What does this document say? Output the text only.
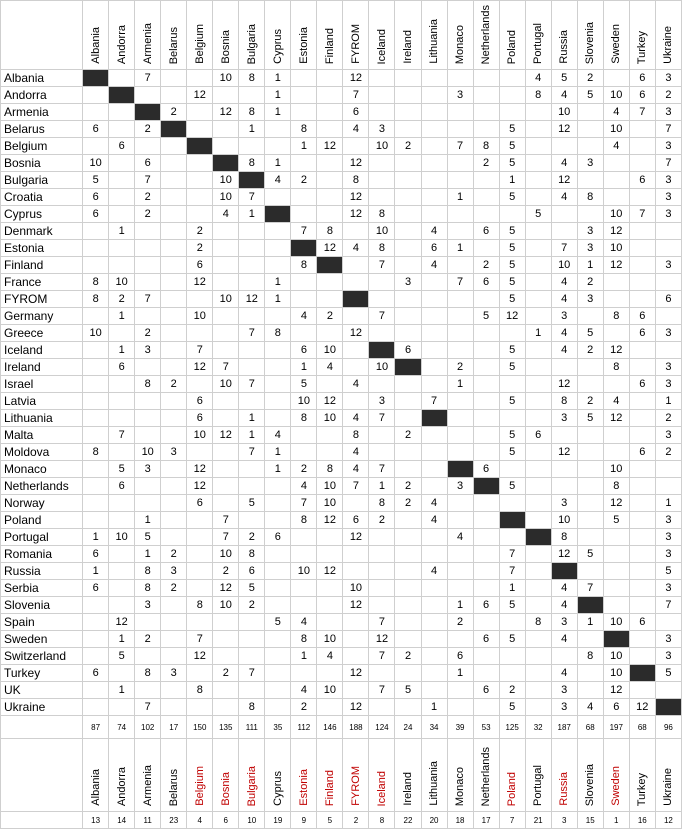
	Albania	Andorra	Armenia	Belarus	Belgium	Bosnia	Bulgaria	Cyprus	Estonia	Finland	FYROM	Iceland	Ireland	Lithuania	Monaco	Netherlands	Poland	Portugal	Russia	Slovenia	Sweden	Turkey	Ukraine
Albania			7			10	8	1			12							4	5	2		6	3
Andorra					12			1			7				3			8	4	5	10	6	2
Armenia				2		12	8	1			6								10		4	7	3
Belarus	6		2				1		8		4	3					5		12		10		7
Belgium		6							1	12		10	2		7	8	5				4		3
Bosnia	10		6				8	1			12					2	5		4	3			7
Bulgaria	5		7			10		4	2		8						1		12			6	3
Croatia	6		2			10	7				12				1		5		4	8			3
Cyprus	6		2			4	1				12	8						5			10	7	3
Denmark		1			2				7	8		10		4		6	5			3	12		
Estonia					2					12	4	8		6	1		5		7	3	10		
Finland					6				8			7		4		2	5		10	1	12		3
France	8	10			12			1					3		7	6	5		4	2			
FYROM	8	2	7			10	12	1									5		4	3			6
Germany		1			10				4	2		7				5	12		3		8	6	
Greece	10		2				7	8			12							1	4	5		6	3
Iceland		1	3		7				6	10			6				5		4	2	12		
Ireland		6			12	7			1	4		10			2		5				8		3
Israel			8	2		10	7		5		4				1				12			6	3
Latvia					6				10	12		3		7			5		8	2	4		1
Lithuania					6		1		8	10	4	7							3	5	12		2
Malta		7			10	12	1	4			8		2				5	6					3
Moldova	8		10	3			7	1			4						5		12			6	2
Monaco		5	3		12			1	2	8	4	7				6					10		
Netherlands		6			12				4	10	7	1	2		3		5				8		
Norway					6		5		7	10		8	2	4					3		12		1
Poland			1			7			8	12	6	2		4					10		5		3
Portugal	1	10	5			7	2	6			12				4				8				3
Romania	6		1	2		10	8										7		12	5			3
Russia	1		8	3		2	6		10	12				4			7						5
Serbia	6		8	2		12	5				10						1		4	7			3
Slovenia			3		8	10	2				12				1	6	5		4				7
Spain		12						5	4			7			2			8	3	1	10	6	
Sweden		1	2		7				8	10		12				6	5		4				3
Switzerland		5			12				1	4		7	2		6					8	10		3
Turkey	6		8	3		2	7				12				1				4		10		5
UK		1			8				4	10		7	5			6	2		3		12		
Ukraine			7				8		2		12			1			5		3	4	6	12	
	87	74	102	17	150	135	111	35	112	146	188	124	24	34	39	53	125	32	187	68	197	68	96
	Albania	Andorra	Armenia	Belarus	Belgium	Bosnia	Bulgaria	Cyprus	Estonia	Finland	FYROM	Iceland	Ireland	Lithuania	Monaco	Netherlands	Poland	Portugal	Russia	Slovenia	Sweden	Turkey	Ukraine
	13	14	11	23	4	6	10	19	9	5	2	8	22	20	18	17	7	21	3	15	1	16	12
